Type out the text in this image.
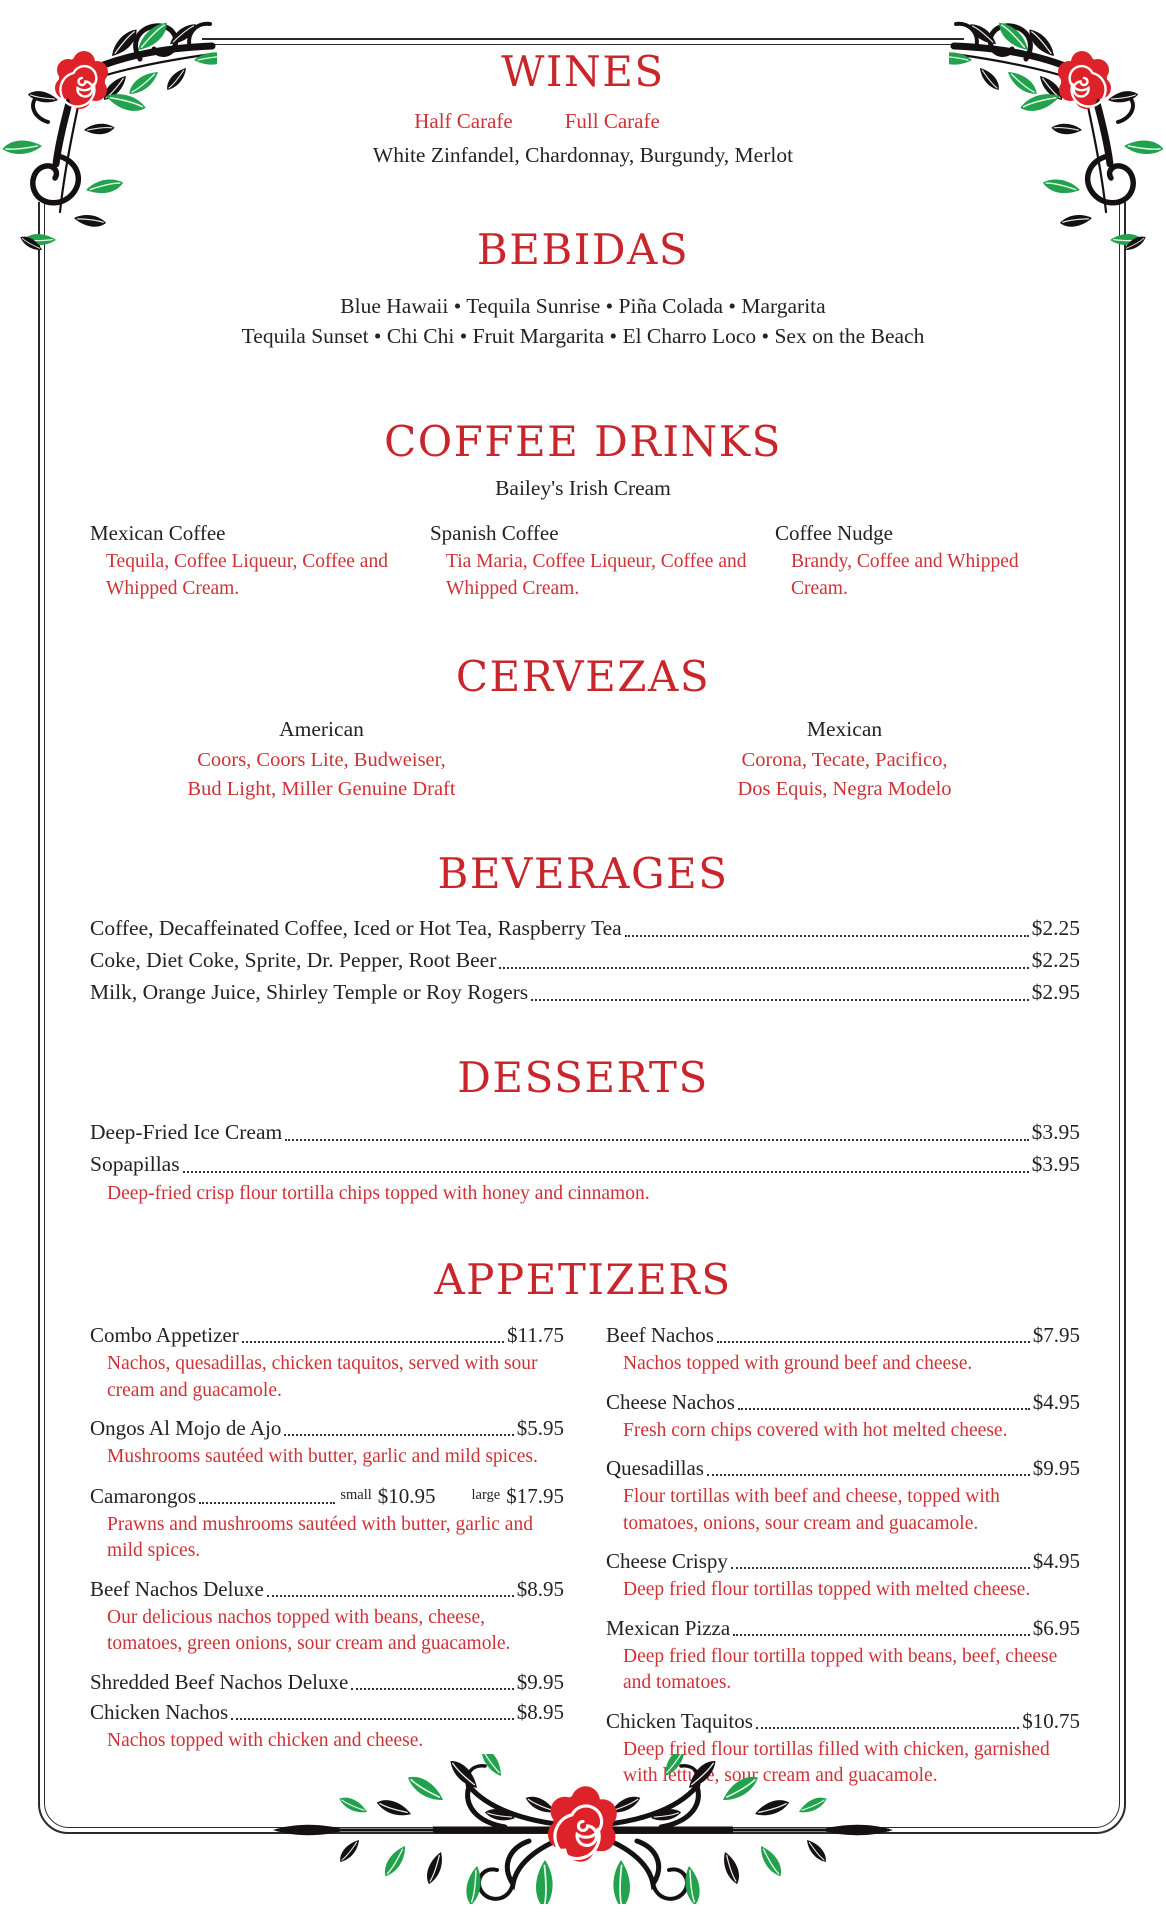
WINES
Half Carafe Full Carafe
White Zinfandel, Chardonnay, Burgundy, Merlot
BEBIDAS
Blue Hawaii • Tequila Sunrise • Piña Colada • Margarita
Tequila Sunset • Chi Chi • Fruit Margarita • El Charro Loco • Sex on the Beach
COFFEE DRINKS
Bailey's Irish Cream
Mexican Coffee
Tequila, Coffee Liqueur, Coffee and Whipped Cream.
Spanish Coffee
Tia Maria, Coffee Liqueur, Coffee and Whipped Cream.
Coffee Nudge
Brandy, Coffee and Whipped Cream.
CERVEZAS
American
Coors, Coors Lite, Budweiser,
Bud Light, Miller Genuine Draft
Mexican
Corona, Tecate, Pacifico,
Dos Equis, Negra Modelo
BEVERAGES
Coffee, Decaffeinated Coffee, Iced or Hot Tea, Raspberry Tea	$2.25
Coke, Diet Coke, Sprite, Dr. Pepper, Root Beer	$2.25
Milk, Orange Juice, Shirley Temple or Roy Rogers	$2.95
DESSERTS
Deep-Fried Ice Cream	$3.95
Sopapillas	$3.95
Deep-fried crisp flour tortilla chips topped with honey and cinnamon.
APPETIZERS
Combo Appetizer	$11.75
Nachos, quesadillas, chicken taquitos, served with sour cream and guacamole.
Ongos Al Mojo de Ajo	$5.95
Mushrooms sautéed with butter, garlic and mild spices.
Camarongos	small $10.95 large $17.95
Prawns and mushrooms sautéed with butter, garlic and mild spices.
Beef Nachos Deluxe	$8.95
Our delicious nachos topped with beans, cheese, tomatoes, green onions, sour cream and guacamole.
Shredded Beef Nachos Deluxe	$9.95
Chicken Nachos	$8.95
Nachos topped with chicken and cheese.
Beef Nachos	$7.95
Nachos topped with ground beef and cheese.
Cheese Nachos	$4.95
Fresh corn chips covered with hot melted cheese.
Quesadillas	$9.95
Flour tortillas with beef and cheese, topped with tomatoes, onions, sour cream and guacamole.
Cheese Crispy	$4.95
Deep fried flour tortillas topped with melted cheese.
Mexican Pizza	$6.95
Deep fried flour tortilla topped with beans, beef, cheese and tomatoes.
Chicken Taquitos	$10.75
Deep fried flour tortillas filled with chicken, garnished with lettuce, sour cream and guacamole.
